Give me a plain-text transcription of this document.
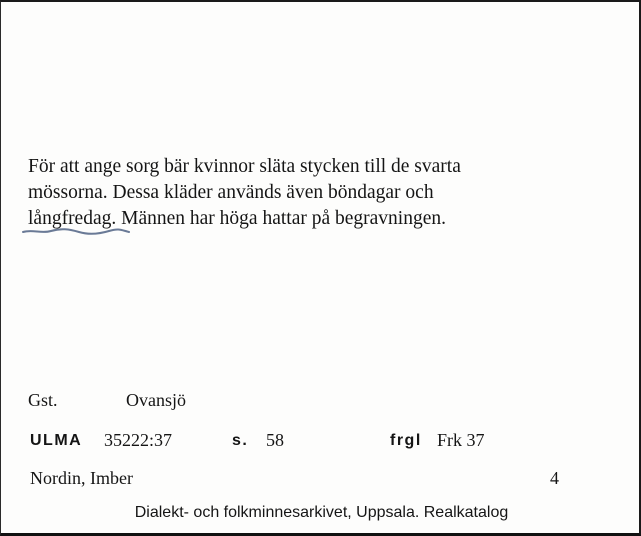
För att ange sorg bär kvinnor släta stycken till de svarta
mössorna. Dessa kläder används även böndagar och
långfredag. Männen har höga hattar på begravningen.
Gst.	Ovansjö
ULMA 35222:37	s. 58	frgl Frk 37
Nordin, Imber	4
Dialekt- och folkminnesarkivet, Uppsala. Realkatalog
